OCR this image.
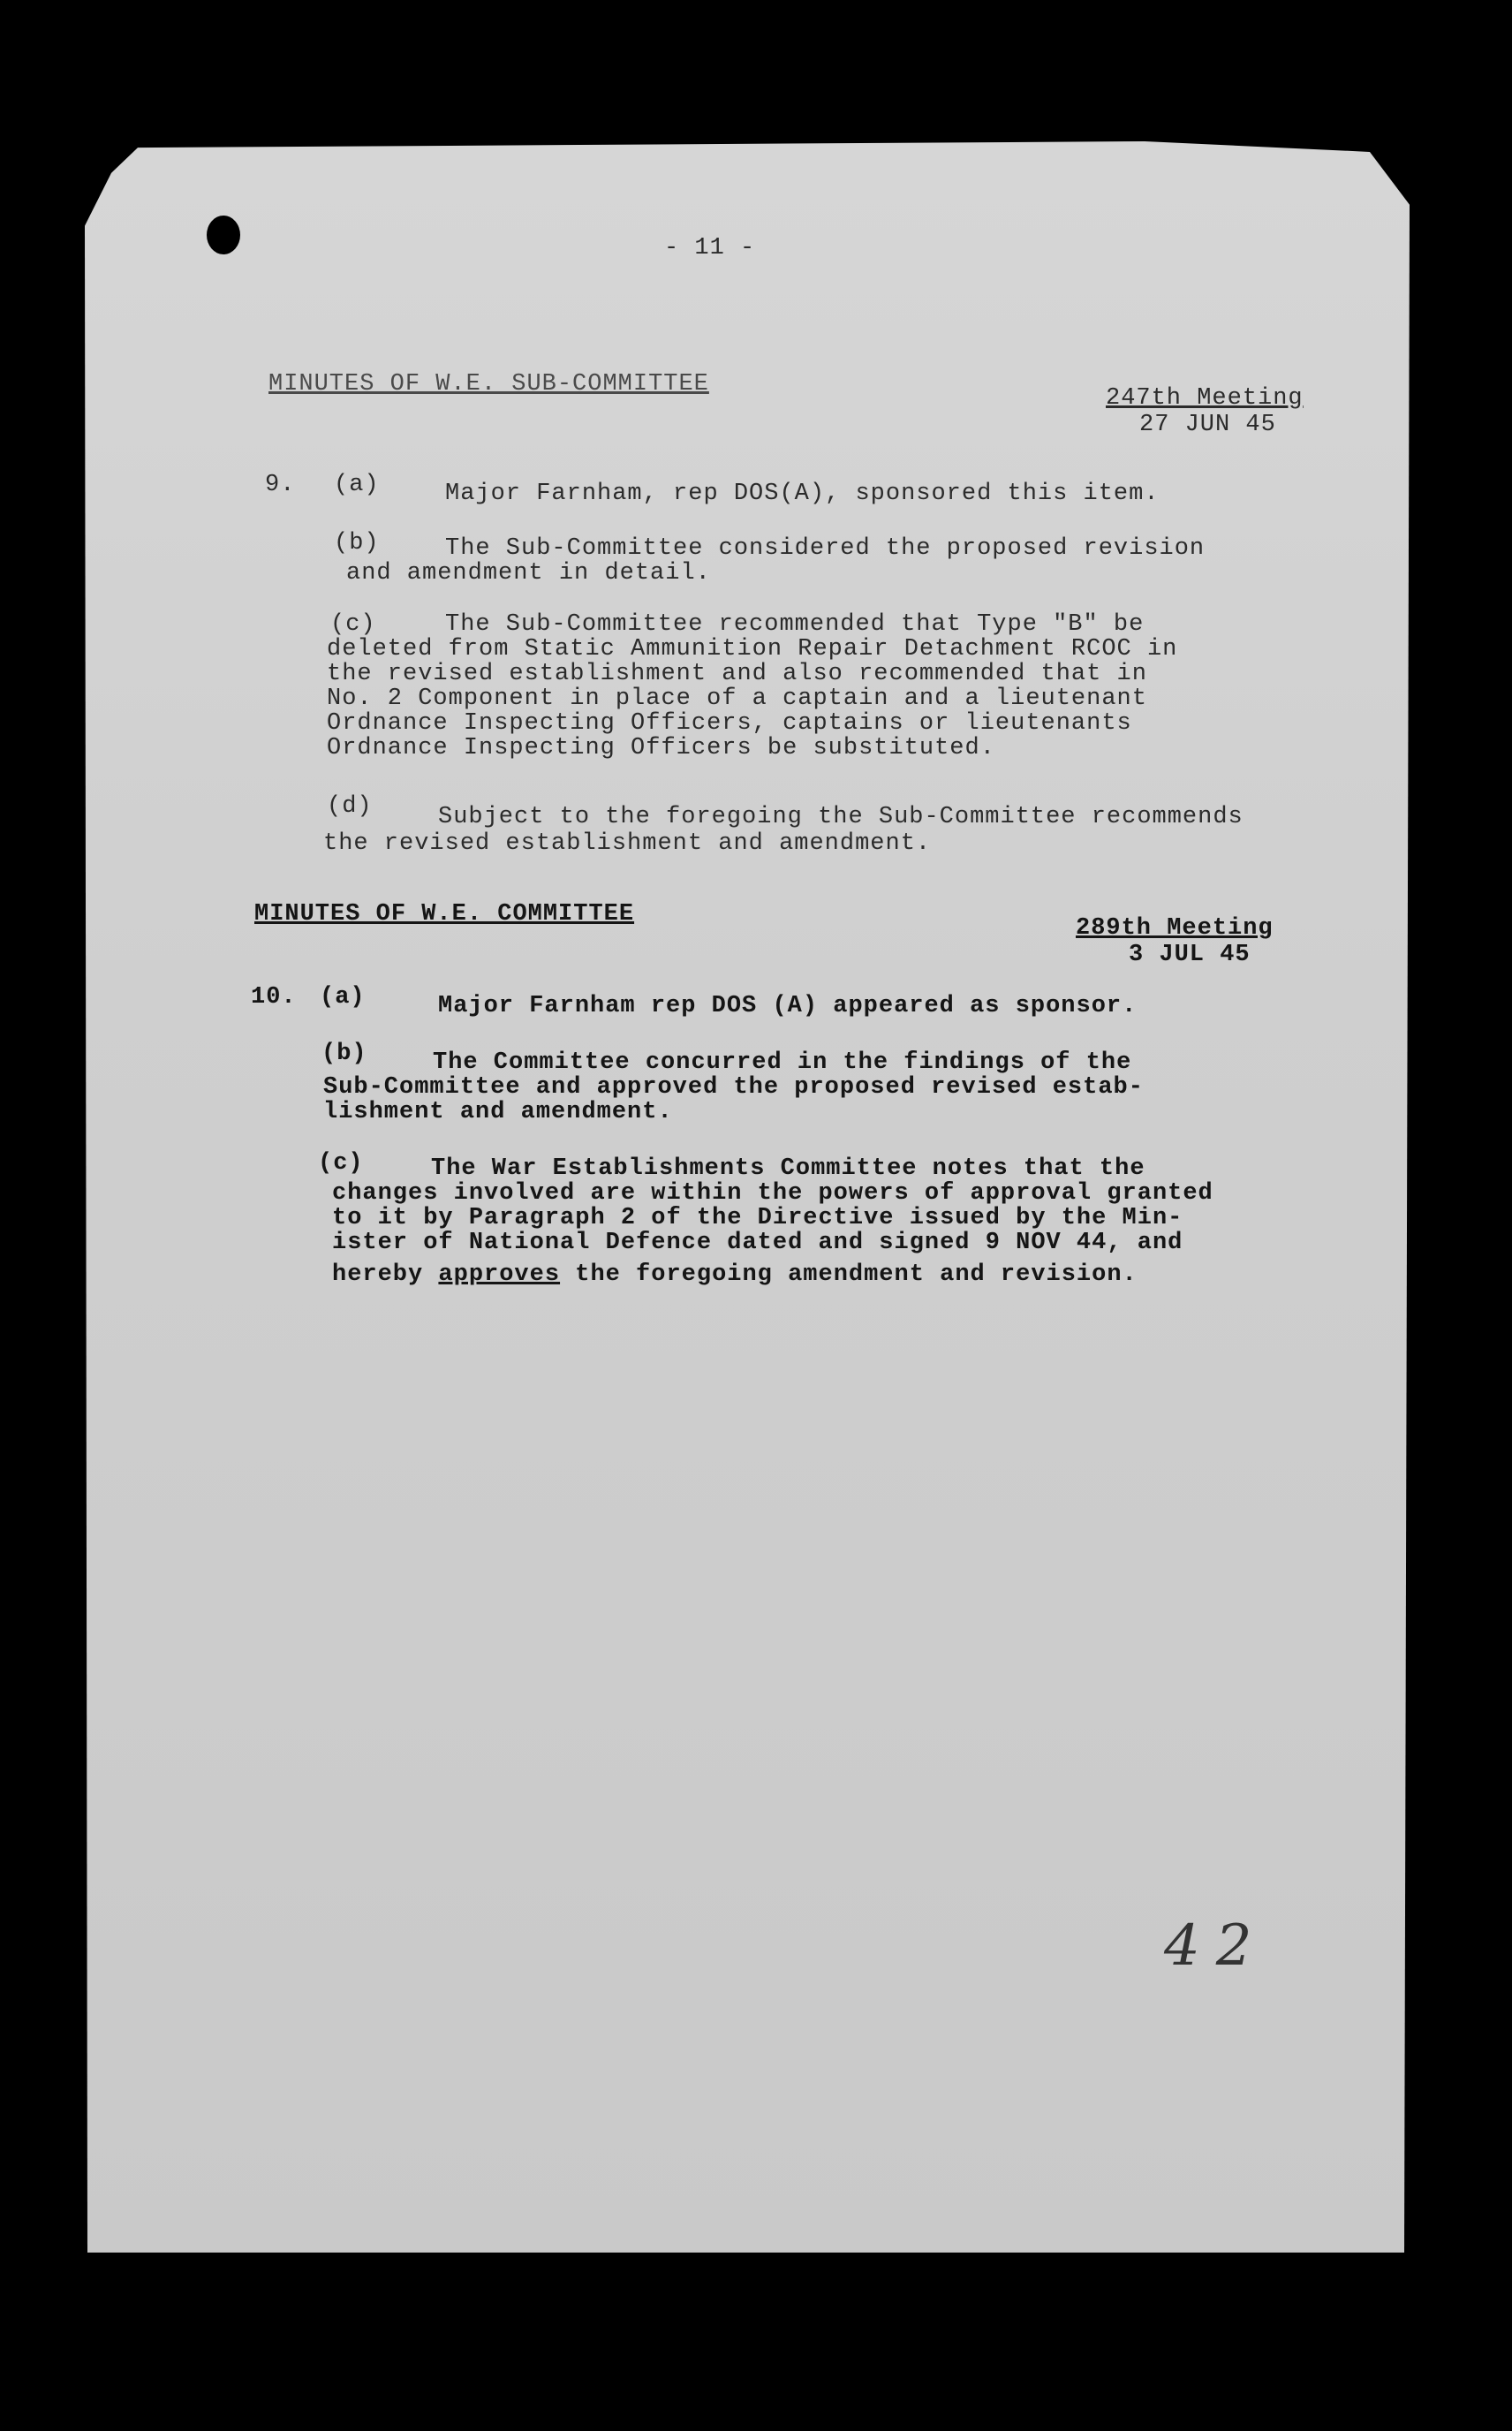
- 11 -
MINUTES OF W.E. SUB-COMMITTEE
247th Meeting
27 JUN 45
9. (a)	Major Farnham, rep DOS(A), sponsored this item.
(b)	The Sub-Committee considered the proposed revision
and amendment in detail.
(c)	The Sub-Committee recommended that Type "B" be
deleted from Static Ammunition Repair Detachment RCOC in
the revised establishment and also recommended that in
No. 2 Component in place of a captain and a lieutenant
Ordnance Inspecting Officers, captains or lieutenants
Ordnance Inspecting Officers be substituted.
(d)	Subject to the foregoing the Sub-Committee recommends
the revised establishment and amendment.
MINUTES OF W.E. COMMITTEE
289th Meeting
3 JUL 45
10. (a)	Major Farnham rep DOS (A) appeared as sponsor.
(b)	The Committee concurred in the findings of the
Sub-Committee and approved the proposed revised estab-
lishment and amendment.
(c)	The War Establishments Committee notes that the
changes involved are within the powers of approval granted
to it by Paragraph 2 of the Directive issued by the Min-
ister of National Defence dated and signed 9 NOV 44, and
hereby approves the foregoing amendment and revision.
42
